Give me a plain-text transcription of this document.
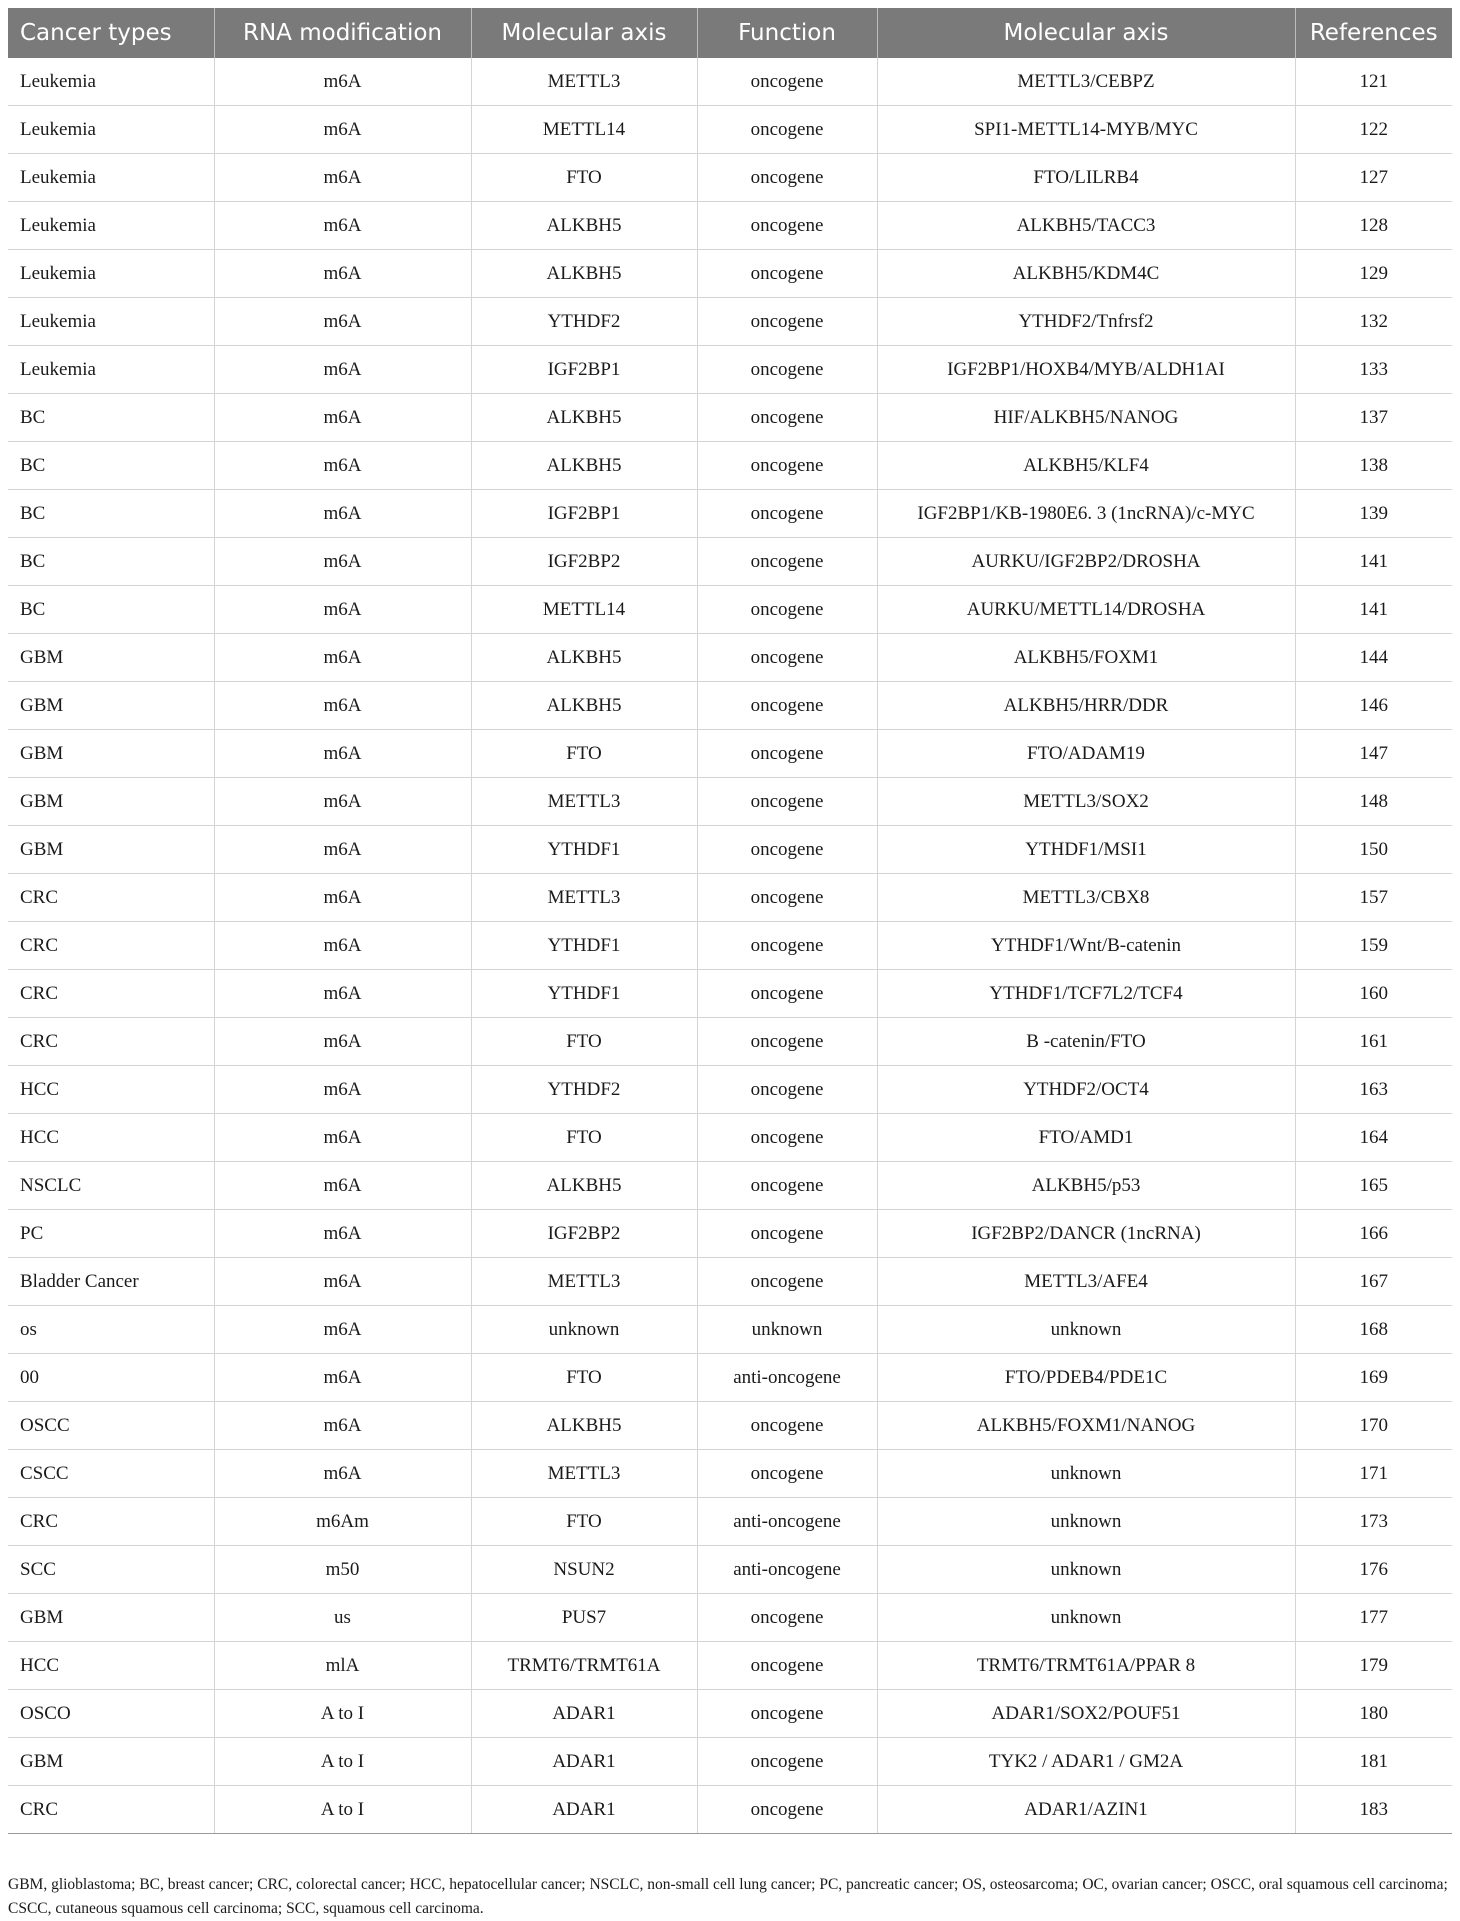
Cancer types	RNA modification	Molecular axis	Function	Molecular axis	References
Leukemia	m6A	METTL3	oncogene	METTL3/CEBPZ	121
Leukemia	m6A	METTL14	oncogene	SPI1-METTL14-MYB/MYC	122
Leukemia	m6A	FTO	oncogene	FTO/LILRB4	127
Leukemia	m6A	ALKBH5	oncogene	ALKBH5/TACC3	128
Leukemia	m6A	ALKBH5	oncogene	ALKBH5/KDM4C	129
Leukemia	m6A	YTHDF2	oncogene	YTHDF2/Tnfrsf2	132
Leukemia	m6A	IGF2BP1	oncogene	IGF2BP1/HOXB4/MYB/ALDH1AI	133
BC	m6A	ALKBH5	oncogene	HIF/ALKBH5/NANOG	137
BC	m6A	ALKBH5	oncogene	ALKBH5/KLF4	138
BC	m6A	IGF2BP1	oncogene	IGF2BP1/KB-1980E6. 3 (1ncRNA)/c-MYC	139
BC	m6A	IGF2BP2	oncogene	AURKU/IGF2BP2/DROSHA	141
BC	m6A	METTL14	oncogene	AURKU/METTL14/DROSHA	141
GBM	m6A	ALKBH5	oncogene	ALKBH5/FOXM1	144
GBM	m6A	ALKBH5	oncogene	ALKBH5/HRR/DDR	146
GBM	m6A	FTO	oncogene	FTO/ADAM19	147
GBM	m6A	METTL3	oncogene	METTL3/SOX2	148
GBM	m6A	YTHDF1	oncogene	YTHDF1/MSI1	150
CRC	m6A	METTL3	oncogene	METTL3/CBX8	157
CRC	m6A	YTHDF1	oncogene	YTHDF1/Wnt/B-catenin	159
CRC	m6A	YTHDF1	oncogene	YTHDF1/TCF7L2/TCF4	160
CRC	m6A	FTO	oncogene	B -catenin/FTO	161
HCC	m6A	YTHDF2	oncogene	YTHDF2/OCT4	163
HCC	m6A	FTO	oncogene	FTO/AMD1	164
NSCLC	m6A	ALKBH5	oncogene	ALKBH5/p53	165
PC	m6A	IGF2BP2	oncogene	IGF2BP2/DANCR (1ncRNA)	166
Bladder Cancer	m6A	METTL3	oncogene	METTL3/AFE4	167
os	m6A	unknown	unknown	unknown	168
00	m6A	FTO	anti-oncogene	FTO/PDEB4/PDE1C	169
OSCC	m6A	ALKBH5	oncogene	ALKBH5/FOXM1/NANOG	170
CSCC	m6A	METTL3	oncogene	unknown	171
CRC	m6Am	FTO	anti-oncogene	unknown	173
SCC	m50	NSUN2	anti-oncogene	unknown	176
GBM	us	PUS7	oncogene	unknown	177
HCC	mlA	TRMT6/TRMT61A	oncogene	TRMT6/TRMT61A/PPAR 8	179
OSCO	A to I	ADAR1	oncogene	ADAR1/SOX2/POUF51	180
GBM	A to I	ADAR1	oncogene	TYK2 / ADAR1 / GM2A	181
CRC	A to I	ADAR1	oncogene	ADAR1/AZIN1	183
GBM, glioblastoma; BC, breast cancer; CRC, colorectal cancer; HCC, hepatocellular cancer; NSCLC, non-small cell lung cancer; PC, pancreatic cancer; OS, osteosarcoma; OC, ovarian cancer; OSCC, oral squamous cell carcinoma; CSCC, cutaneous squamous cell carcinoma; SCC, squamous cell carcinoma.
